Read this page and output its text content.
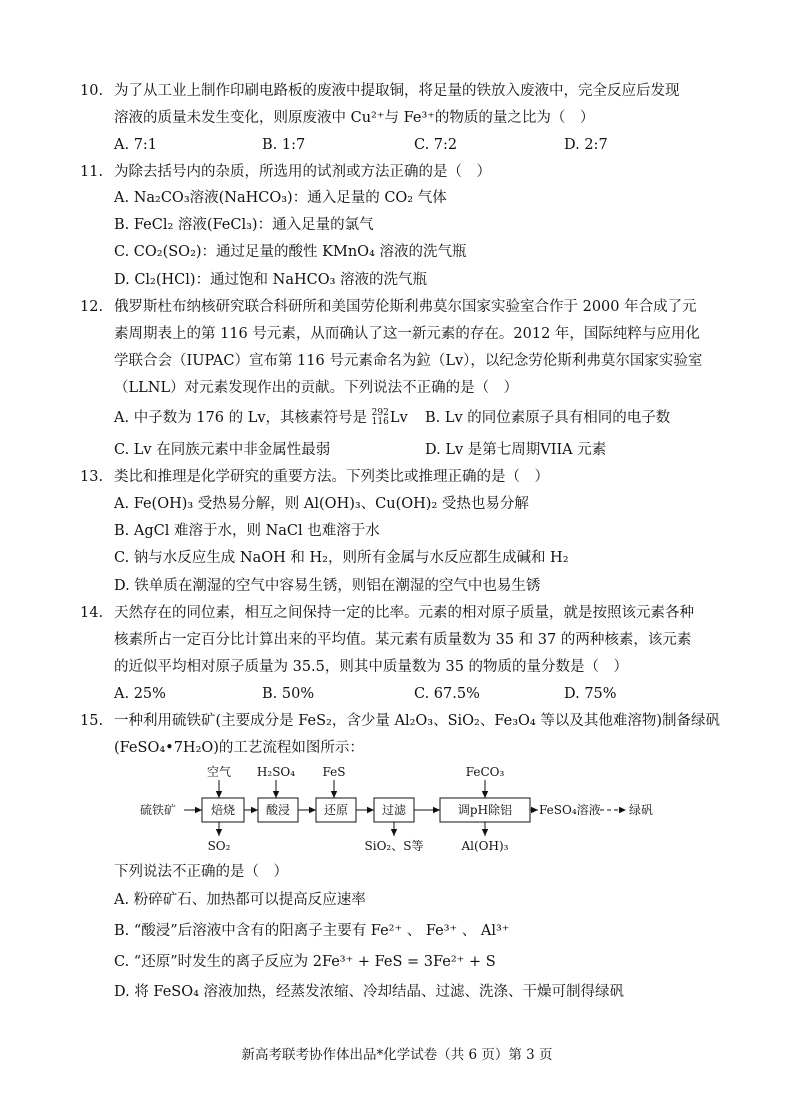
10. 为了从工业上制作印刷电路板的废液中提取铜，将足量的铁放入废液中，完全反应后发现
溶液的质量未发生变化，则原废液中 Cu²⁺与 Fe³⁺的物质的量之比为（　）
A. 7:1	B. 1:7	C. 7:2	D. 2:7
11. 为除去括号内的杂质，所选用的试剂或方法正确的是（　）
A. Na₂CO₃溶液(NaHCO₃)：通入足量的 CO₂ 气体
B. FeCl₂ 溶液(FeCl₃)：通入足量的氯气
C. CO₂(SO₂)：通过足量的酸性 KMnO₄ 溶液的洗气瓶
D. Cl₂(HCl)：通过饱和 NaHCO₃ 溶液的洗气瓶
12. 俄罗斯杜布纳核研究联合科研所和美国劳伦斯利弗莫尔国家实验室合作于 2000 年合成了元
素周期表上的第 116 号元素，从而确认了这一新元素的存在。2012 年，国际纯粹与应用化
学联合会（IUPAC）宣布第 116 号元素命名为鉝（Lv），以纪念劳伦斯利弗莫尔国家实验室
（LLNL）对元素发现作出的贡献。下列说法不正确的是（　）
A. 中子数为 176 的 Lv，其核素符号是 292
116 Lv B. Lv 的同位素原子具有相同的电子数
C. Lv 在同族元素中非金属性最弱	D. Lv 是第七周期VIIA 元素
13. 类比和推理是化学研究的重要方法。下列类比或推理正确的是（　）
A. Fe(OH)₃ 受热易分解，则 Al(OH)₃、Cu(OH)₂ 受热也易分解
B. AgCl 难溶于水，则 NaCl 也难溶于水
C. 钠与水反应生成 NaOH 和 H₂，则所有金属与水反应都生成碱和 H₂
D. 铁单质在潮湿的空气中容易生锈，则铝在潮湿的空气中也易生锈
14. 天然存在的同位素，相互之间保持一定的比率。元素的相对原子质量，就是按照该元素各种
核素所占一定百分比计算出来的平均值。某元素有质量数为 35 和 37 的两种核素，该元素
的近似平均相对原子质量为 35.5，则其中质量数为 35 的物质的量分数是（　）
A. 25%	B. 50%	C. 67.5%	D. 75%
15. 一种利用硫铁矿(主要成分是 FeS₂，含少量 Al₂O₃、SiO₂、Fe₃O₄ 等以及其他难溶物)制备绿矾
(FeSO₄•7H₂O)的工艺流程如图所示：
硫铁矿	焙烧
空气
SO₂
酸浸
H₂SO₄
还原
FeS
过滤
SiO₂、S等
调pH除铝
FeCO₃
Al(OH)₃
FeSO₄溶液 绿矾
下列说法不正确的是（　）
A. 粉碎矿石、加热都可以提高反应速率
B. “酸浸”后溶液中含有的阳离子主要有 Fe²⁺ 、 Fe³⁺ 、 Al³⁺
C. “还原”时发生的离子反应为 2Fe³⁺ + FeS = 3Fe²⁺ + S
D. 将 FeSO₄ 溶液加热，经蒸发浓缩、冷却结晶、过滤、洗涤、干燥可制得绿矾
新高考联考协作体出品*化学试卷（共 6 页）第 3 页
